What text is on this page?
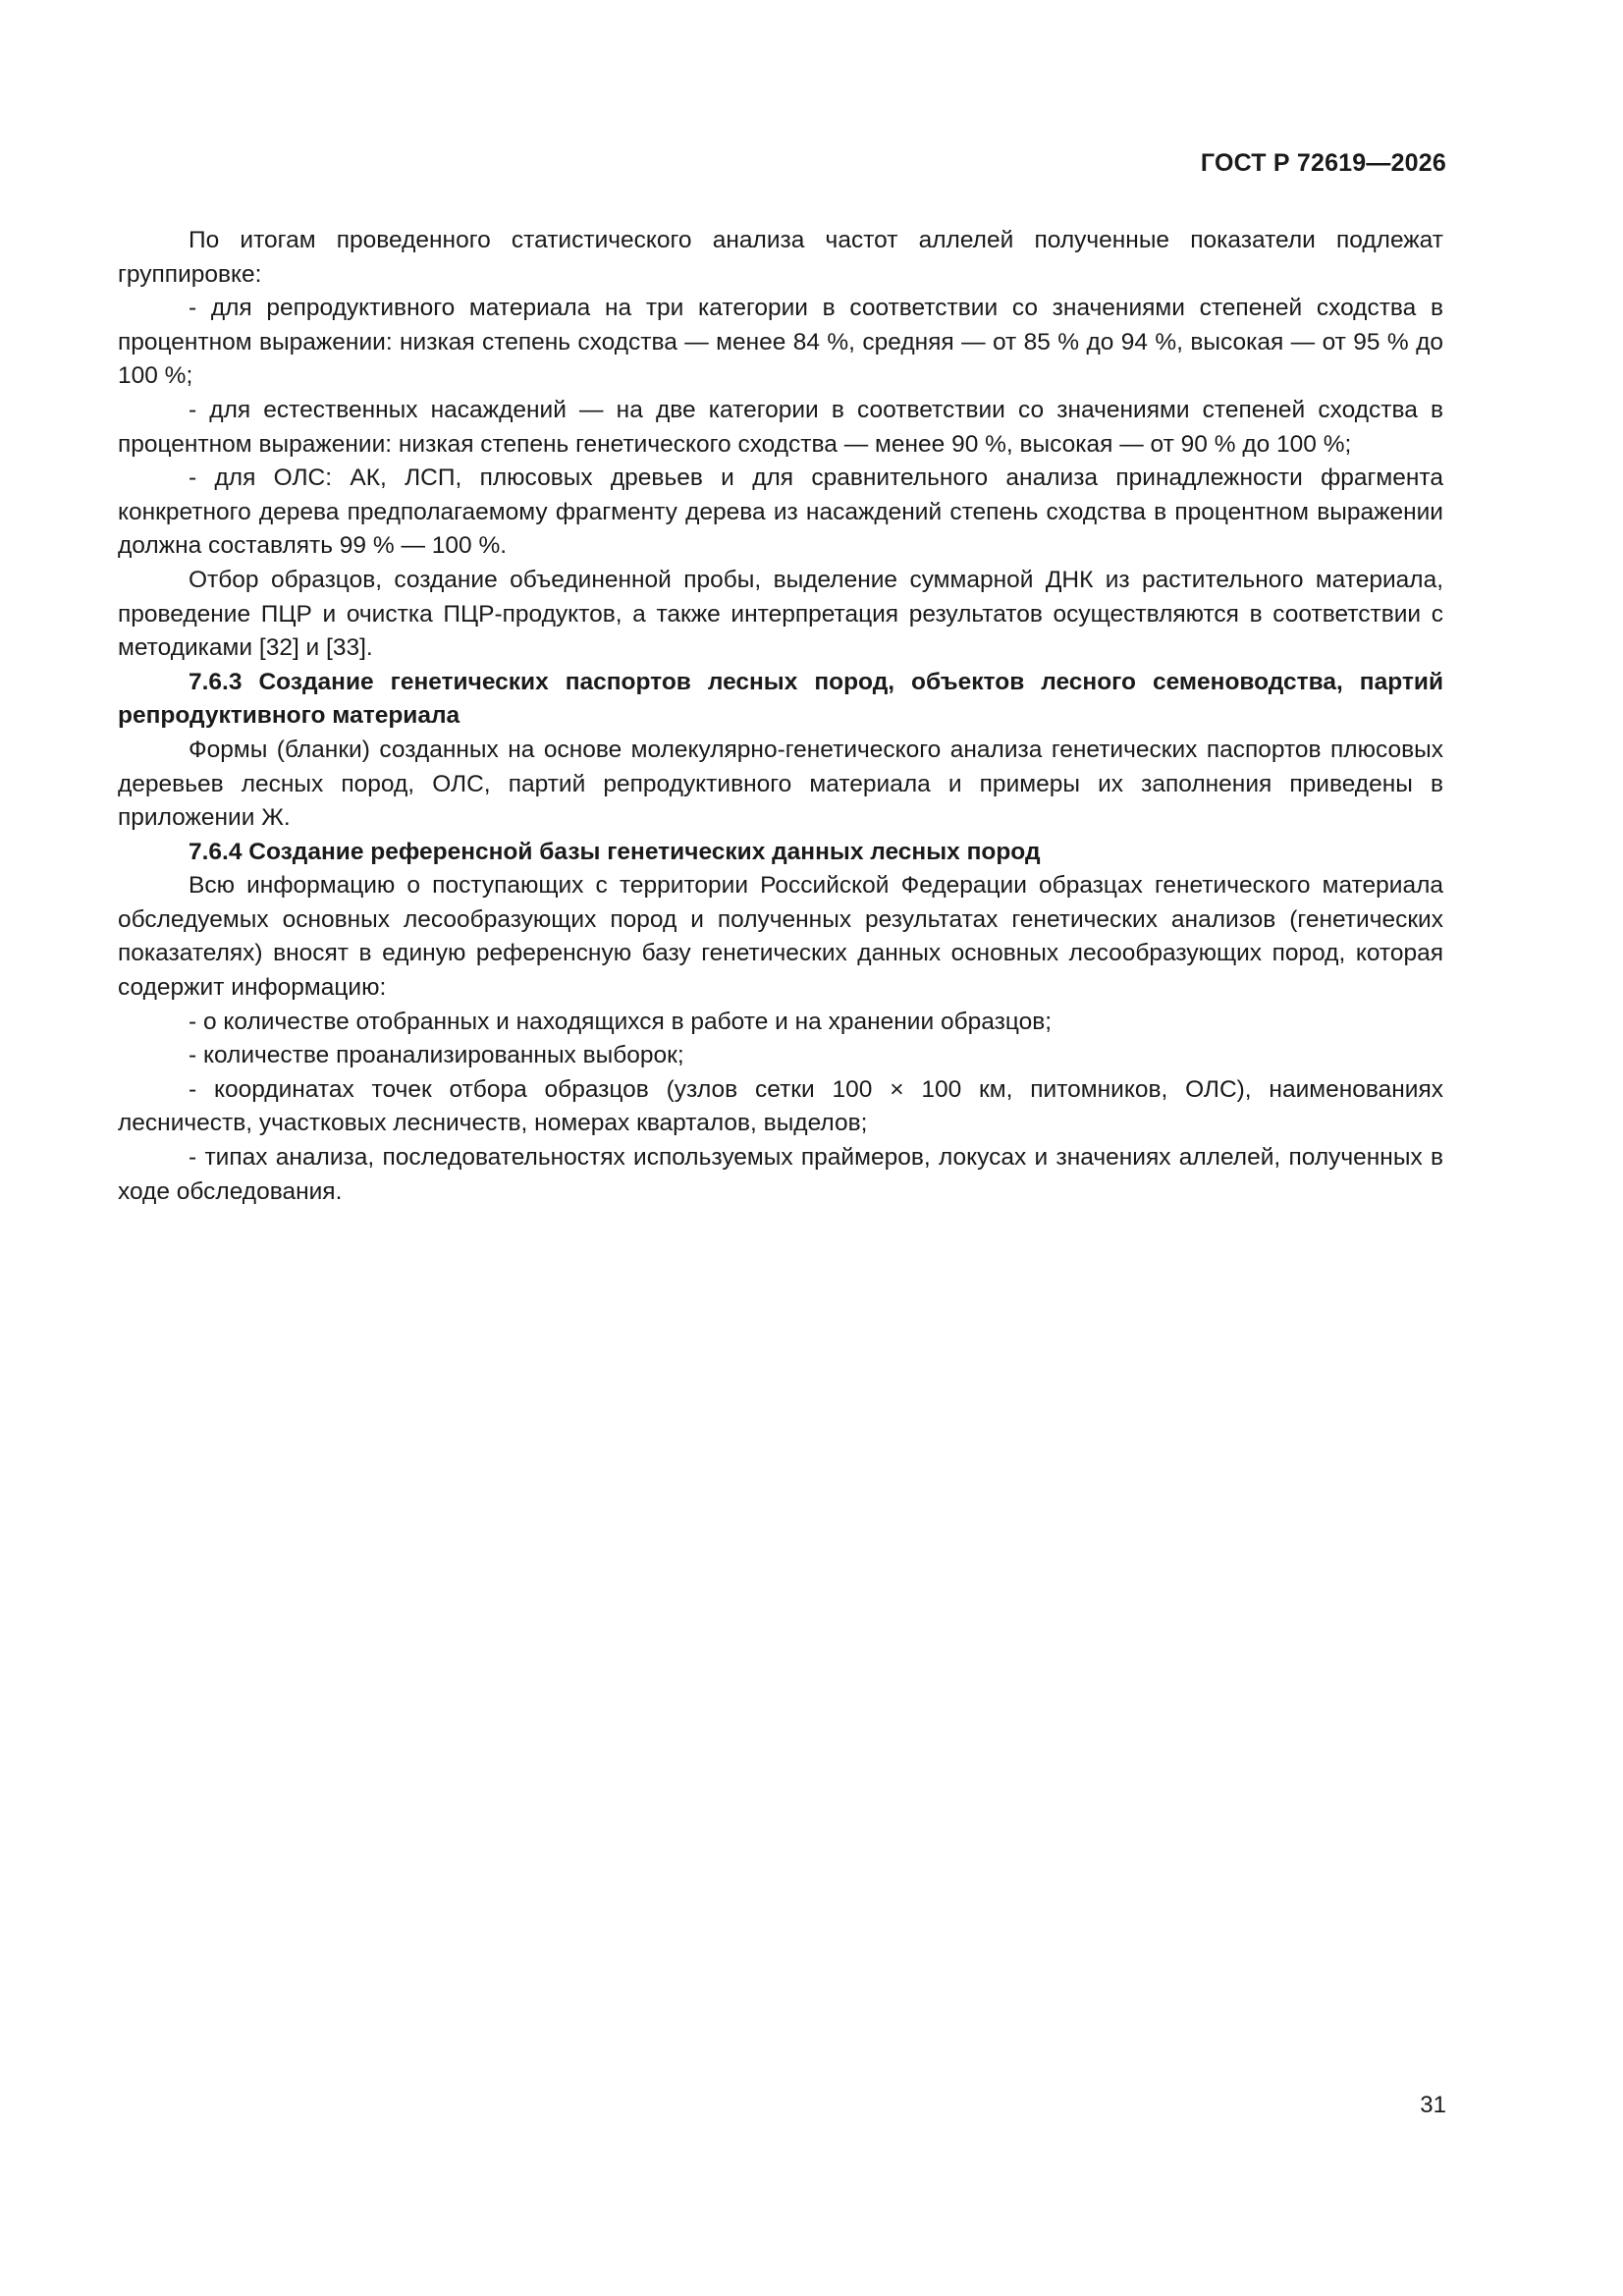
ГОСТ Р 72619—2026

По итогам проведенного статистического анализа частот аллелей полученные показатели подлежат группировке:

- для репродуктивного материала на три категории в соответствии со значениями степеней сходства в процентном выражении: низкая степень сходства — менее 84 %, средняя — от 85 % до 94 %, высокая — от 95 % до 100 %;

- для естественных насаждений — на две категории в соответствии со значениями степеней сходства в процентном выражении: низкая степень генетического сходства — менее 90 %, высокая — от 90 % до 100 %;

- для ОЛС: АК, ЛСП, плюсовых древьев и для сравнительного анализа принадлежности фрагмента конкретного дерева предполагаемому фрагменту дерева из насаждений степень сходства в процентном выражении должна составлять 99 % — 100 %.

Отбор образцов, создание объединенной пробы, выделение суммарной ДНК из растительного материала, проведение ПЦР и очистка ПЦР-продуктов, а также интерпретация результатов осуществляются в соответствии с методиками [32] и [33].

7.6.3 Создание генетических паспортов лесных пород, объектов лесного семеноводства, партий репродуктивного материала

Формы (бланки) созданных на основе молекулярно-генетического анализа генетических паспортов плюсовых деревьев лесных пород, ОЛС, партий репродуктивного материала и примеры их заполнения приведены в приложении Ж.

7.6.4 Создание референсной базы генетических данных лесных пород

Всю информацию о поступающих с территории Российской Федерации образцах генетического материала обследуемых основных лесообразующих пород и полученных результатах генетических анализов (генетических показателях) вносят в единую референсную базу генетических данных основных лесообразующих пород, которая содержит информацию:

- о количестве отобранных и находящихся в работе и на хранении образцов;

- количестве проанализированных выборок;

- координатах точек отбора образцов (узлов сетки 100 × 100 км, питомников, ОЛС), наименованиях лесничеств, участковых лесничеств, номерах кварталов, выделов;

- типах анализа, последовательностях используемых праймеров, локусах и значениях аллелей, полученных в ходе обследования.

31
